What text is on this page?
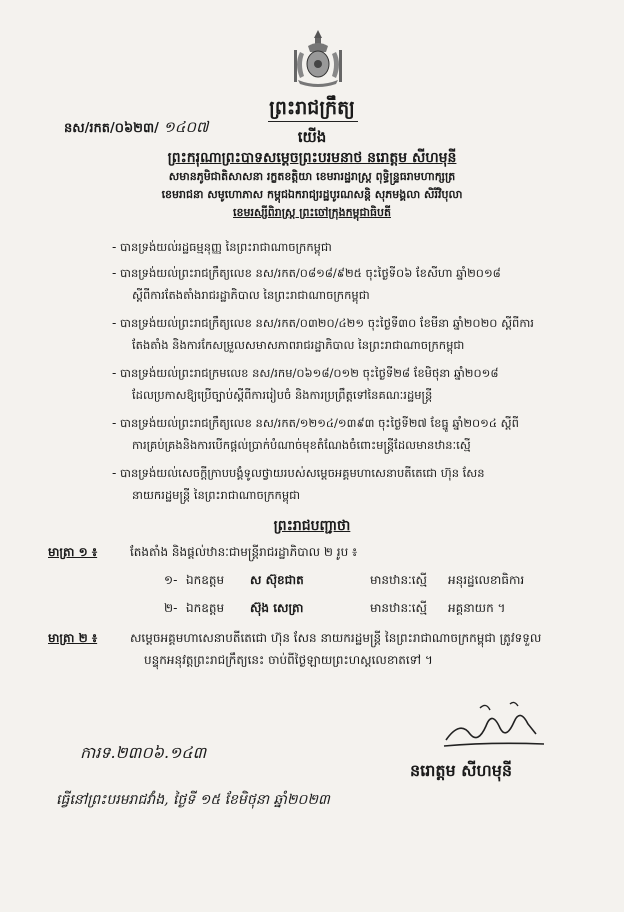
ព្រះរាជក្រឹត្យ
នស/រកត/០៦២៣/ ១៤០៧
យើង
ព្រះករុណាព្រះបាទសម្តេចព្រះបរមនាថ នរោត្តម សីហមុនី
សមានភូមិជាតិសាសនា រក្ខតខត្តិយា ខេមរារដ្ឋរាស្ត្រ ពុទ្ធិន្ទ្រធរាមហាក្សត្រ
ខេមរាជនា សមូហោភាស កម្ពុជឯករាជ្យរដ្ឋបូរណសន្តិ សុភមង្គលា សិរីវិបុលា
ខេមរស្សីពិរាស្ត្រ ព្រះចៅក្រុងកម្ពុជាធិបតី
- បានទ្រង់យល់រដ្ឋធម្មនុញ្ញ នៃព្រះរាជាណាចក្រកម្ពុជា
- បានទ្រង់យល់ព្រះរាជក្រឹត្យលេខ នស/រកត/០៨១៨/៩២៥ ចុះថ្ងៃទី០៦ ខែសីហា ឆ្នាំ២០១៨
ស្តីពីការតែងតាំងរាជរដ្ឋាភិបាល នៃព្រះរាជាណាចក្រកម្ពុជា
- បានទ្រង់យល់ព្រះរាជក្រឹត្យលេខ នស/រកត/០៣២០/៤២១ ចុះថ្ងៃទី៣០ ខែមីនា ឆ្នាំ២០២០ ស្តីពីការ
តែងតាំង និងការកែសម្រួលសមាសភាពរាជរដ្ឋាភិបាល នៃព្រះរាជាណាចក្រកម្ពុជា
- បានទ្រង់យល់ព្រះរាជក្រមលេខ នស/រកម/០៦១៨/០១២ ចុះថ្ងៃទី២៨ ខែមិថុនា ឆ្នាំ២០១៨
ដែលប្រកាសឱ្យប្រើច្បាប់ស្តីពីការរៀបចំ និងការប្រព្រឹត្តទៅនៃគណៈរដ្ឋមន្ត្រី
- បានទ្រង់យល់ព្រះរាជក្រឹត្យលេខ នស/រកត/១២១៤/១៣៩៣ ចុះថ្ងៃទី២៧ ខែធ្នូ ឆ្នាំ២០១៤ ស្តីពី
ការគ្រប់គ្រងនិងការបើកផ្តល់ប្រាក់បំណាច់មុខតំណែងចំពោះមន្ត្រីដែលមានឋានៈស្មើ
- បានទ្រង់យល់សេចក្តីក្រាបបង្គំទូលថ្វាយរបស់សម្តេចអគ្គមហាសេនាបតីតេជោ ហ៊ុន សែន
នាយករដ្ឋមន្ត្រី នៃព្រះរាជាណាចក្រកម្ពុជា
ព្រះរាជបញ្ជាថា
មាត្រា ១ ៖	តែងតាំង និងផ្តល់ឋានៈជាមន្ត្រីរាជរដ្ឋាភិបាល ២ រូប ៖
១- ឯកឧត្តម ស ស៊ុខជាត	មានឋានៈស្មើ អនុរដ្ឋលេខាធិការ
២- ឯកឧត្តម ស៊ុង សេត្រា	មានឋានៈស្មើ អគ្គនាយក ។
មាត្រា ២ ៖	សម្តេចអគ្គមហាសេនាបតីតេជោ ហ៊ុន សែន នាយករដ្ឋមន្ត្រី នៃព្រះរាជាណាចក្រកម្ពុជា ត្រូវទទួល
បន្ទុកអនុវត្តព្រះរាជក្រឹត្យនេះ ចាប់ពីថ្ងៃឡាយព្រះហស្តលេខាតទៅ ។
ការទ.២៣០៦.១៤៣
នរោត្តម សីហមុនី
ធ្វើនៅព្រះបរមរាជវាំង, ថ្ងៃទី ១៥ ខែមិថុនា ឆ្នាំ២០២៣
